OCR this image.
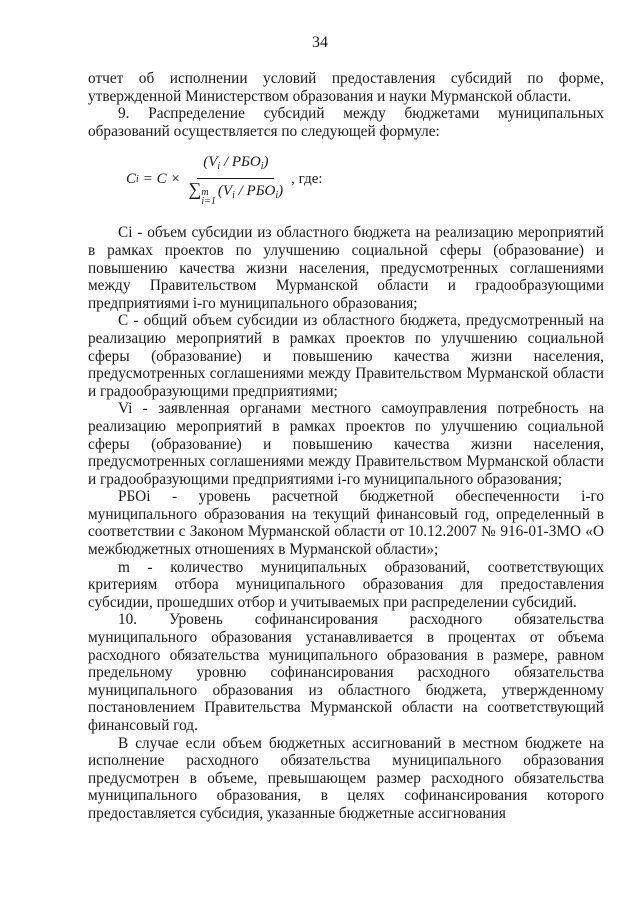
34

отчет об исполнении условий предоставления субсидий по форме, утвержденной Министерством образования и науки Мурманской области.

9. Распределение субсидий между бюджетами муниципальных образований осуществляется по следующей формуле:

C $i = C \times (V_i / РБО_i)$
∑ m
i=1
$(V_i / РБО_i)$ , где:

Ci - объем субсидии из областного бюджета на реализацию мероприятий в рамках проектов по улучшению социальной сферы (образование) и повышению качества жизни населения, предусмотренных соглашениями между Правительством Мурманской области и градообразующими предприятиями i-го муниципального образования;

С - общий объем субсидии из областного бюджета, предусмотренный на реализацию мероприятий в рамках проектов по улучшению социальной сферы (образование) и повышению качества жизни населения, предусмотренных соглашениями между Правительством Мурманской области и градообразующими предприятиями;

Vi - заявленная органами местного самоуправления потребность на реализацию мероприятий в рамках проектов по улучшению социальной сферы (образование) и повышению качества жизни населения, предусмотренных соглашениями между Правительством Мурманской области и градообразующими предприятиями i-го муниципального образования;

РБОi - уровень расчетной бюджетной обеспеченности i-го муниципального образования на текущий финансовый год, определенный в соответствии с Законом Мурманской области от 10.12.2007 № 916-01-ЗМО «О межбюджетных отношениях в Мурманской области»;

m - количество муниципальных образований, соответствующих критериям отбора муниципального образования для предоставления субсидии, прошедших отбор и учитываемых при распределении субсидий.

10. Уровень софинансирования расходного обязательства муниципального образования устанавливается в процентах от объема расходного обязательства муниципального образования в размере, равном предельному уровню софинансирования расходного обязательства муниципального образования из областного бюджета, утвержденному постановлением Правительства Мурманской области на соответствующий финансовый год.

В случае если объем бюджетных ассигнований в местном бюджете на исполнение расходного обязательства муниципального образования предусмотрен в объеме, превышающем размер расходного обязательства муниципального образования, в целях софинансирования которого предоставляется субсидия, указанные бюджетные ассигнования
